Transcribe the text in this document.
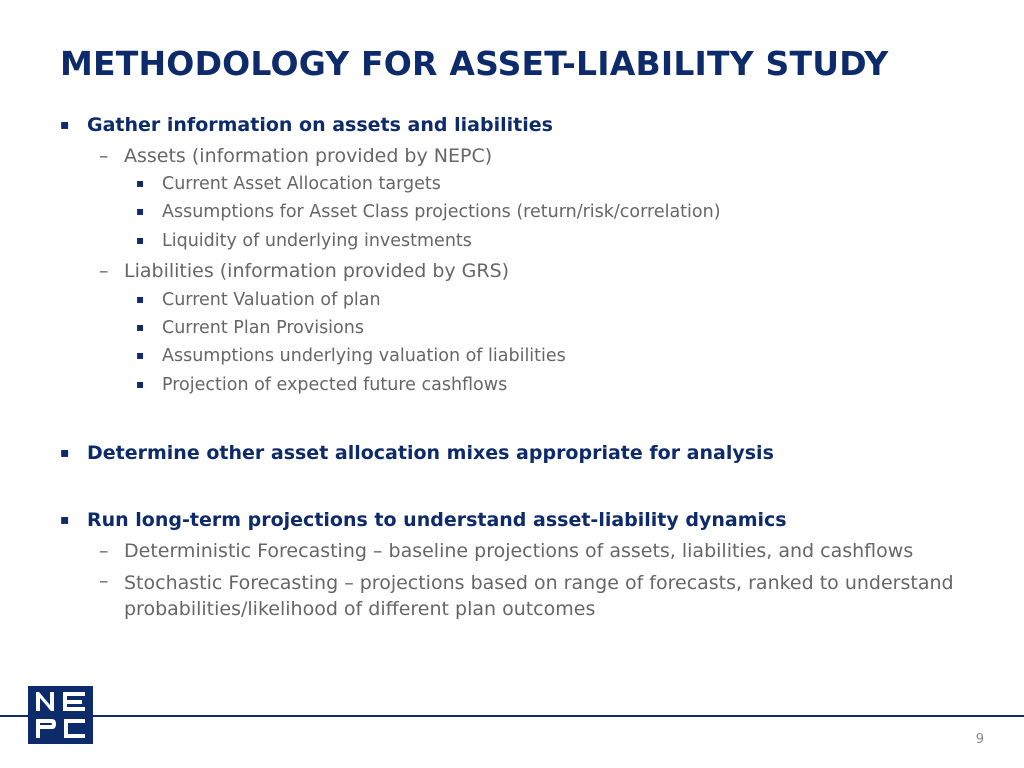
METHODOLOGY FOR ASSET-LIABILITY STUDY
▪ Gather information on assets and liabilities
– Assets (information provided by NEPC)
▪ Current Asset Allocation targets
▪ Assumptions for Asset Class projections (return/risk/correlation)
▪ Liquidity of underlying investments
– Liabilities (information provided by GRS)
▪ Current Valuation of plan
▪ Current Plan Provisions
▪ Assumptions underlying valuation of liabilities
▪ Projection of expected future cashflows
▪ Determine other asset allocation mixes appropriate for analysis
▪ Run long-term projections to understand asset-liability dynamics
– Deterministic Forecasting – baseline projections of assets, liabilities, and cashflows
– Stochastic Forecasting – projections based on range of forecasts, ranked to understand probabilities/likelihood of different plan outcomes
9
